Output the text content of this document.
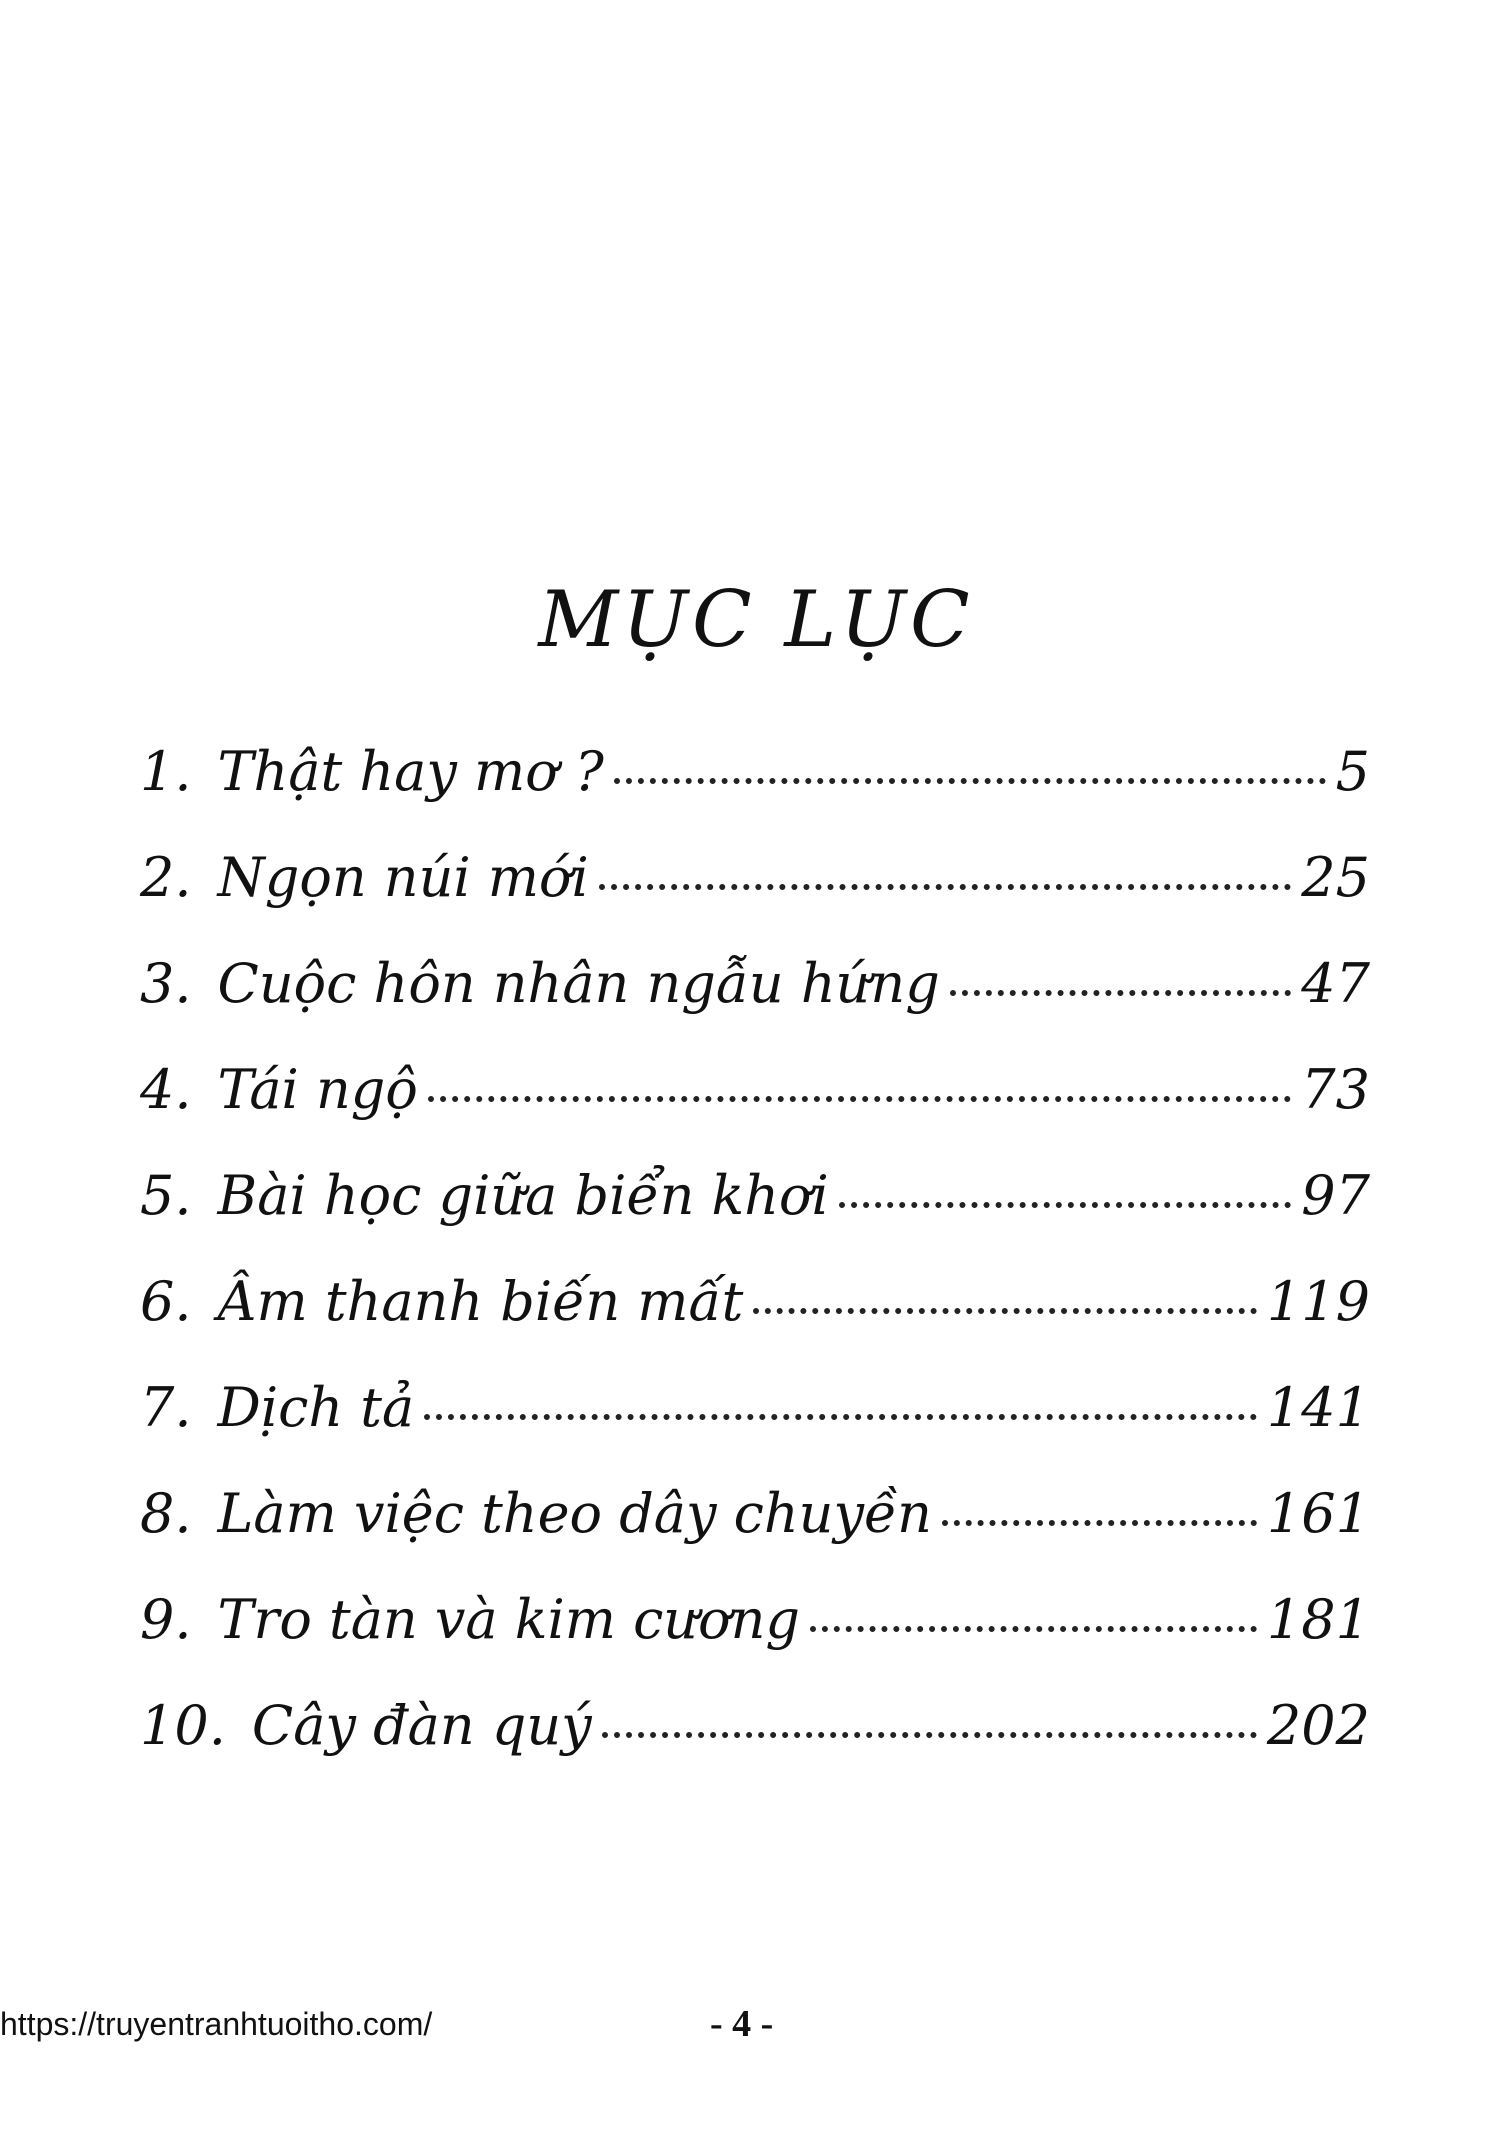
MỤC LỤC
1. Thật hay mơ ?	5
2. Ngọn núi mới	25
3. Cuộc hôn nhân ngẫu hứng	47
4. Tái ngộ	73
5. Bài học giữa biển khơi	97
6. Âm thanh biến mất	119
7. Dịch tả	141
8. Làm việc theo dây chuyền	161
9. Tro tàn và kim cương	181
10. Cây đàn quý	202
https://truyentranhtuoitho.com/	- 4 -
